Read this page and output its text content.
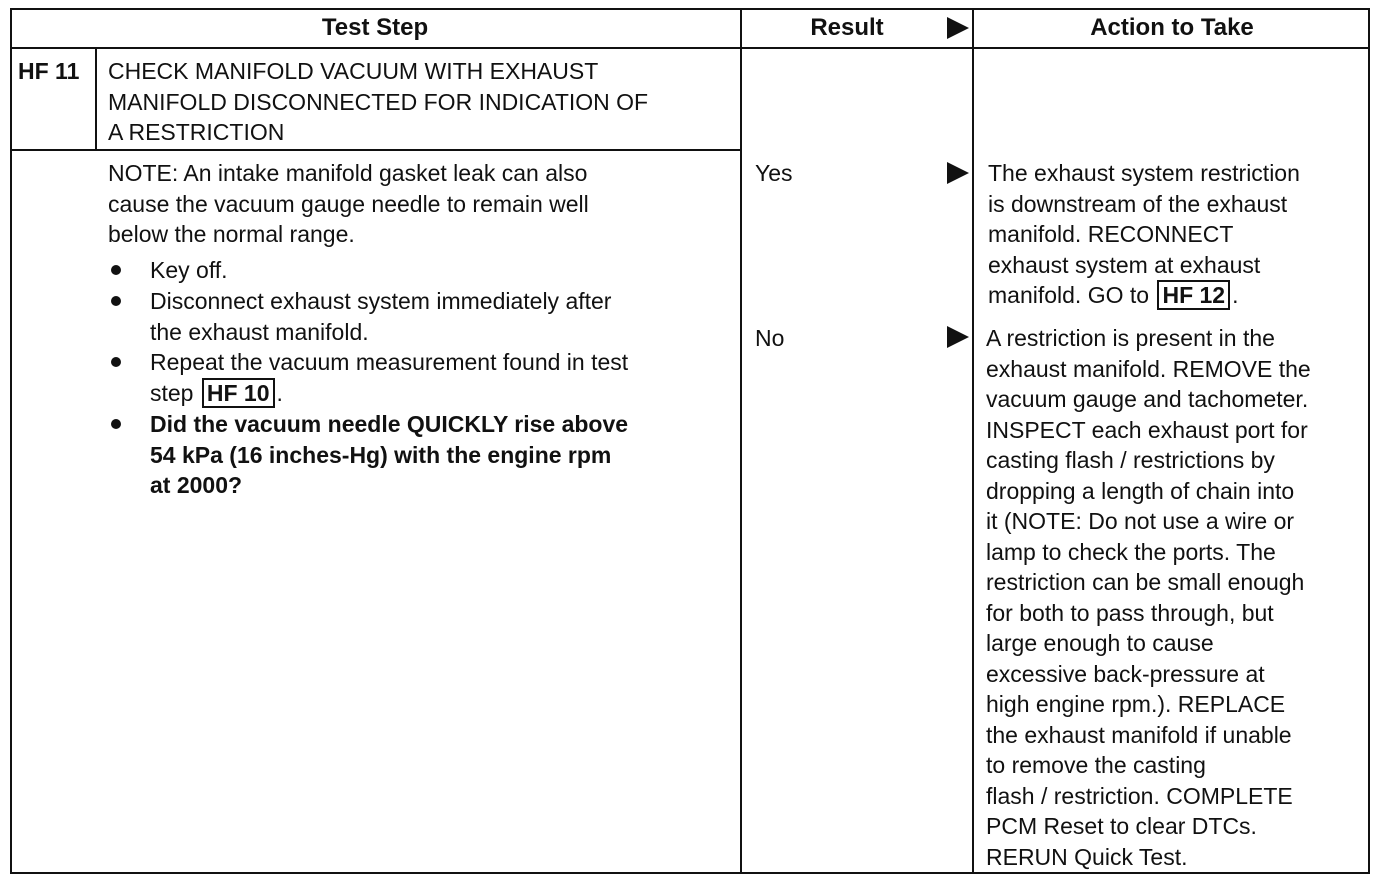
Test Step	Result	Action to Take
HF 11 CHECK MANIFOLD VACUUM WITH EXHAUST
MANIFOLD DISCONNECTED FOR INDICATION OF
A RESTRICTION
NOTE: An intake manifold gasket leak can also
cause the vacuum gauge needle to remain well
below the normal range.
Key off.
Disconnect exhaust system immediately after
the exhaust manifold.
Repeat the vacuum measurement found in test
step HF 10 .
Did the vacuum needle QUICKLY rise above
54 kPa (16 inches-Hg) with the engine rpm
at 2000?
Yes
No
The exhaust system restriction
is downstream of the exhaust
manifold. RECONNECT
exhaust system at exhaust
manifold. GO to HF 12 .
A restriction is present in the
exhaust manifold. REMOVE the
vacuum gauge and tachometer.
INSPECT each exhaust port for
casting flash / restrictions by
dropping a length of chain into
it (NOTE: Do not use a wire or
lamp to check the ports. The
restriction can be small enough
for both to pass through, but
large enough to cause
excessive back-pressure at
high engine rpm.). REPLACE
the exhaust manifold if unable
to remove the casting
flash / restriction. COMPLETE
PCM Reset to clear DTCs.
RERUN Quick Test.
